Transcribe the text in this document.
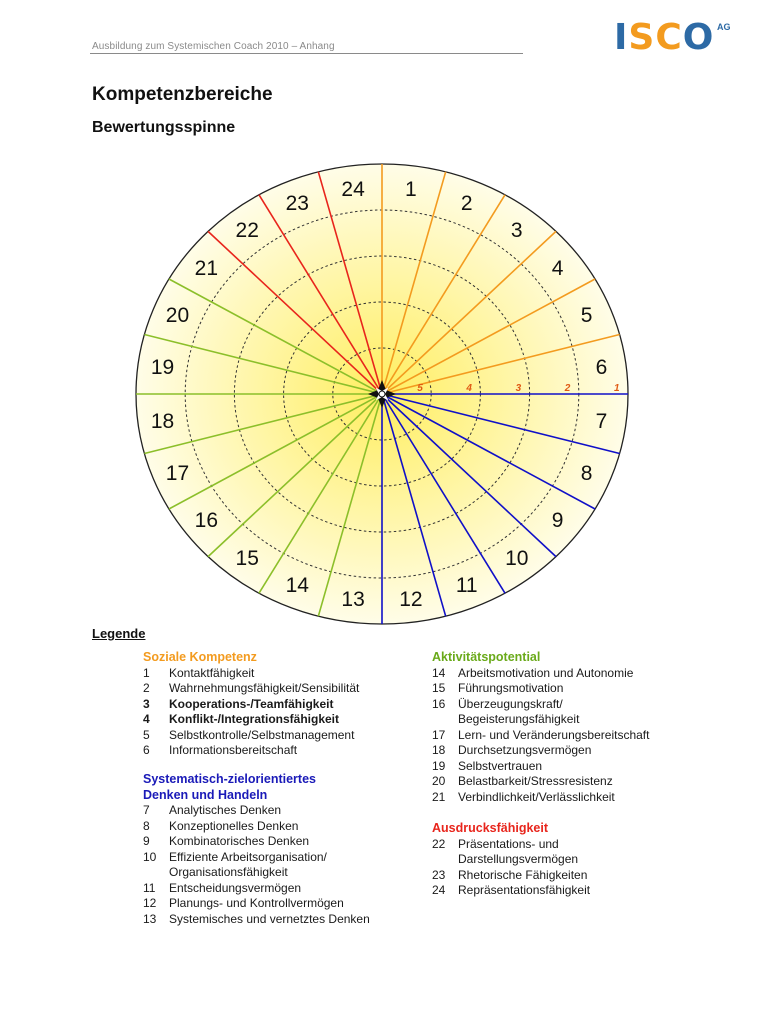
Ausbildung zum Systemischen Coach 2010 – Anhang	ISCO AG
Kompetenzbereiche
Bewertungsspinne
1
2
3
4
5
6
7
8
9
10
11
12
13
14
15
16
17
18
19
20
21
22
23
24
5	4	3	2	1
Legende
Soziale Kompetenz
1	Kontaktfähigkeit
2	Wahrnehmungsfähigkeit/Sensibilität
3	Kooperations-/Teamfähigkeit
4	Konflikt-/Integrationsfähigkeit
5	Selbstkontrolle/Selbstmanagement
6	Informationsbereitschaft
Systematisch-zielorientiertes
Denken und Handeln
7	Analytisches Denken
8	Konzeptionelles Denken
9	Kombinatorisches Denken
10	Effiziente Arbeitsorganisation/
Organisationsfähigkeit
11	Entscheidungsvermögen
12	Planungs- und Kontrollvermögen
13	Systemisches und vernetztes Denken
Aktivitätspotential
14	Arbeitsmotivation und Autonomie
15	Führungsmotivation
16	Überzeugungskraft/
Begeisterungsfähigkeit
17	Lern- und Veränderungsbereitschaft
18	Durchsetzungsvermögen
19	Selbstvertrauen
20	Belastbarkeit/Stressresistenz
21	Verbindlichkeit/Verlässlichkeit
Ausdrucksfähigkeit
22	Präsentations- und
Darstellungsvermögen
23	Rhetorische Fähigkeiten
24	Repräsentationsfähigkeit
